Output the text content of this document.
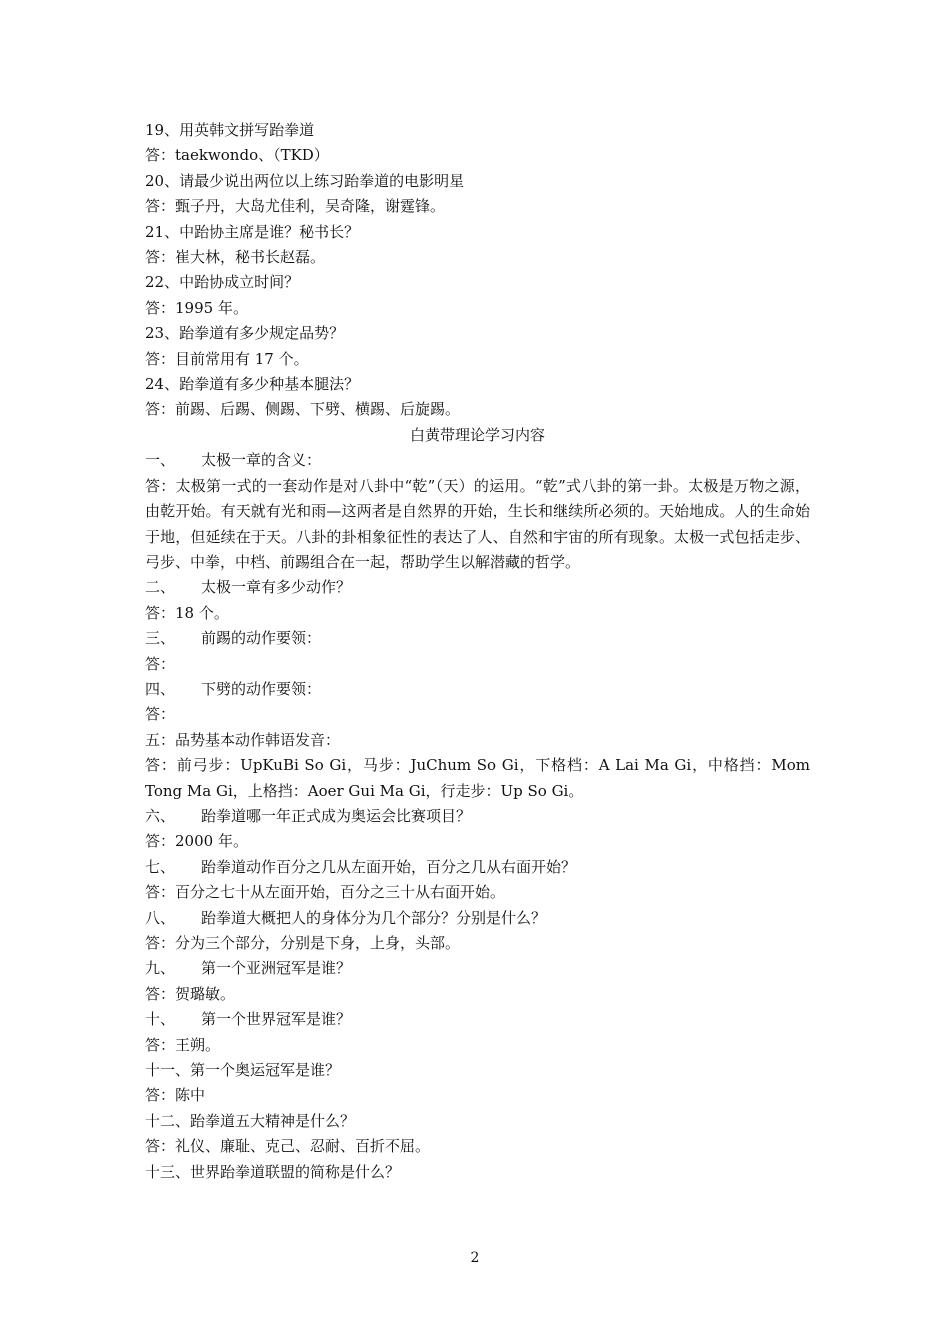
19、用英韩文拼写跆拳道
答：taekwondo、（TKD）
20、请最少说出两位以上练习跆拳道的电影明星
答：甄子丹，大岛尤佳利，吴奇隆，谢霆锋。
21、中跆协主席是谁？秘书长？
答：崔大林，秘书长赵磊。
22、中跆协成立时间？
答：1995 年。
23、跆拳道有多少规定品势？
答：目前常用有 17 个。
24、跆拳道有多少种基本腿法？
答：前踢、后踢、侧踢、下劈、横踢、后旋踢。
白黄带理论学习内容
一、 太极一章的含义：
答：太极第一式的一套动作是对八卦中“乾”（天）的运用。“乾”式八卦的第一卦。太极是万物之源，由乾开始。有天就有光和雨—这两者是自然界的开始，生长和继续所必须的。天始地成。人的生命始于地，但延续在于天。八卦的卦相象征性的表达了人、自然和宇宙的所有现象。太极一式包括走步、弓步、中拳，中档、前踢组合在一起，帮助学生以解潜藏的哲学。
二、 太极一章有多少动作？
答：18 个。
三、 前踢的动作要领：
答：
四、 下劈的动作要领：
答：
五：品势基本动作韩语发音：
答：前弓步：UpKuBi So Gi，马步：JuChum So Gi，下格档：A Lai Ma Gi，中格挡：Mom Tong Ma Gi，上格挡：Aoer Gui Ma Gi，行走步：Up So Gi。
六、 跆拳道哪一年正式成为奥运会比赛项目？
答：2000 年。
七、 跆拳道动作百分之几从左面开始，百分之几从右面开始？
答：百分之七十从左面开始，百分之三十从右面开始。
八、 跆拳道大概把人的身体分为几个部分？分别是什么？
答：分为三个部分，分别是下身，上身，头部。
九、 第一个亚洲冠军是谁？
答：贺璐敏。
十、 第一个世界冠军是谁？
答：王朔。
十一、第一个奥运冠军是谁？
答：陈中
十二、跆拳道五大精神是什么？
答：礼仪、廉耻、克己、忍耐、百折不屈。
十三、世界跆拳道联盟的简称是什么？
2
